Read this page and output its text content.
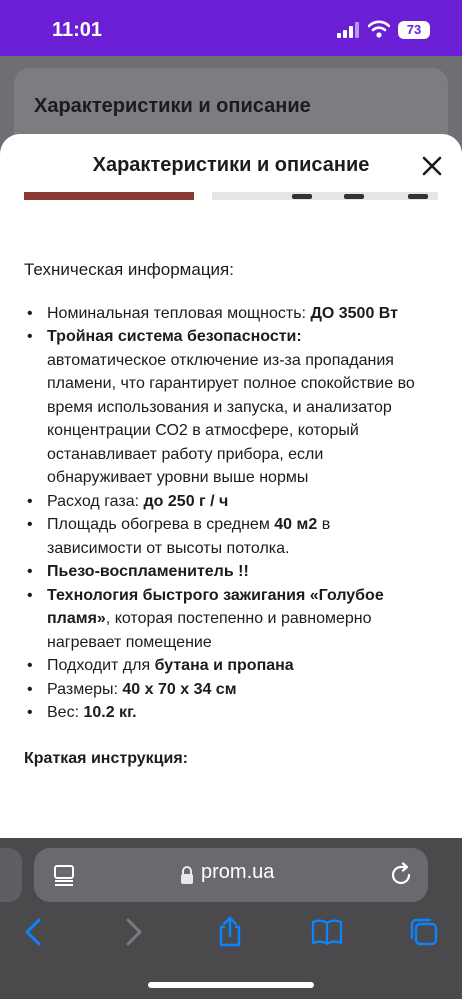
11:01	73
Характеристики и описание
Характеристики и описание
Техническая информация:
• Номинальная тепловая мощность: ДО 3500 Вт
• Тройная система безопасности: автоматическое отключение из-за пропадания пламени, что гарантирует полное спокойствие во время использования и запуска, и анализатор концентрации СО2 в атмосфере, который останавливает работу прибора, если обнаруживает уровни выше нормы
• Расход газа: до 250 г / ч
• Площадь обогрева в среднем 40 м2 в зависимости от высоты потолка.
• Пьезо-воспламенитель !!
• Технология быстрого зажигания «Голубое пламя», которая постепенно и равномерно нагревает помещение
• Подходит для бутана и пропана
• Размеры: 40 х 70 х 34 см
• Вес: 10.2 кг.
Краткая инструкция:
prom.ua
